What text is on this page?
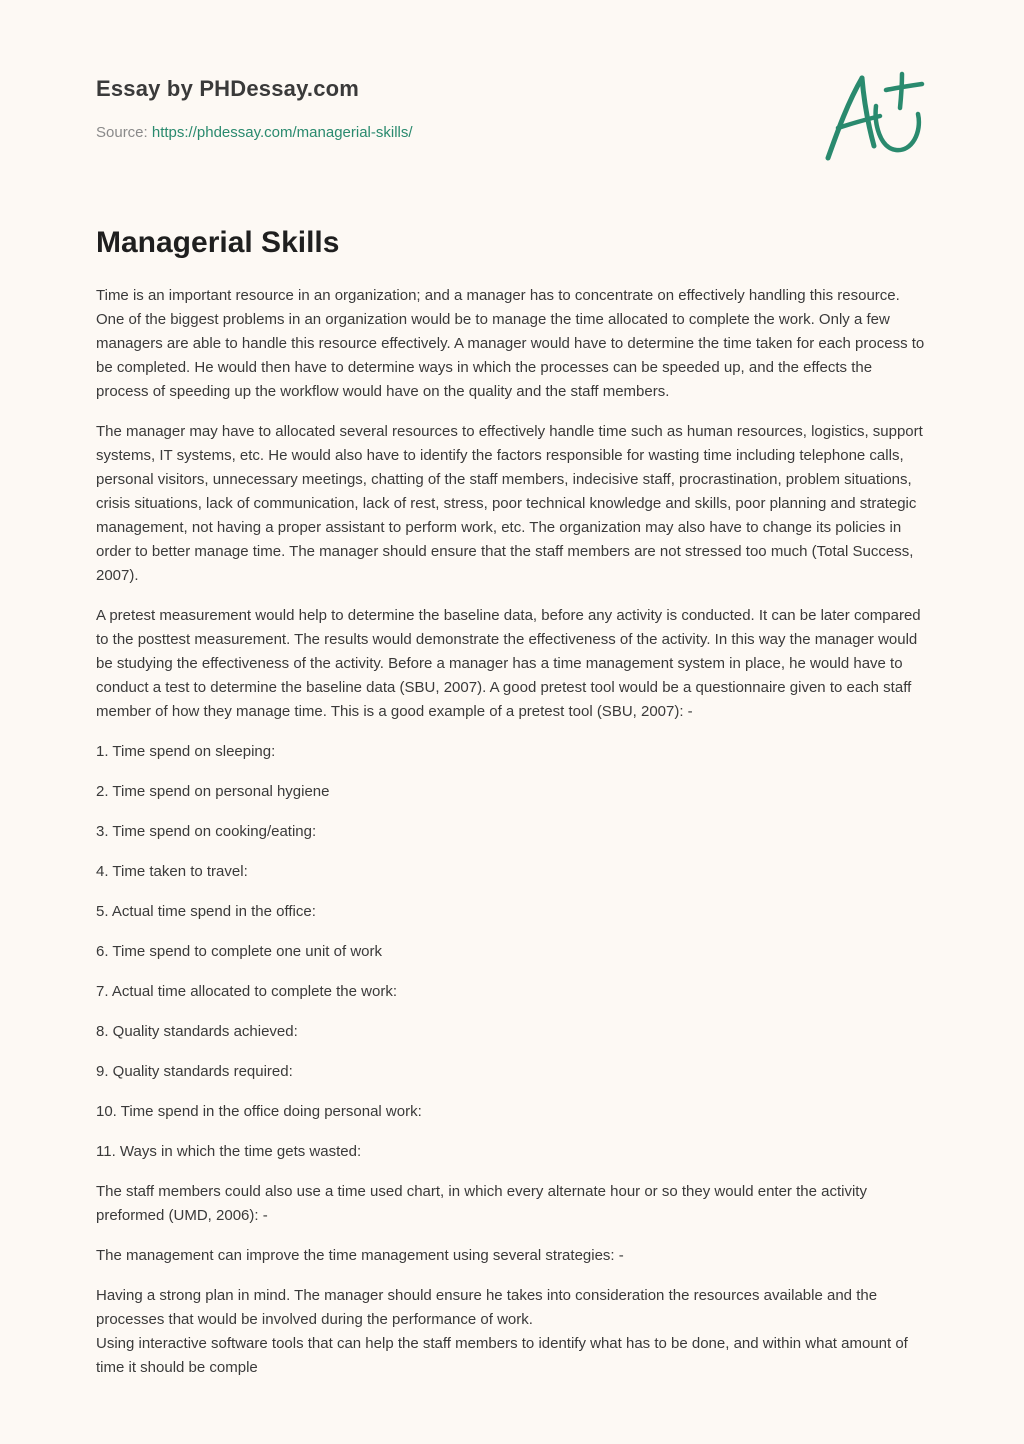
Essay by PHDessay.com
Source: https://phdessay.com/managerial-skills/
Managerial Skills

Time is an important resource in an organization; and a manager has to concentrate on effectively handling this resource. One of the biggest problems in an organization would be to manage the time allocated to complete the work. Only a few managers are able to handle this resource effectively. A manager would have to determine the time taken for each process to be completed. He would then have to determine ways in which the processes can be speeded up, and the effects the process of speeding up the workflow would have on the quality and the staff members.

The manager may have to allocated several resources to effectively handle time such as human resources, logistics, support systems, IT systems, etc. He would also have to identify the factors responsible for wasting time including telephone calls, personal visitors, unnecessary meetings, chatting of the staff members, indecisive staff, procrastination, problem situations, crisis situations, lack of communication, lack of rest, stress, poor technical knowledge and skills, poor planning and strategic management, not having a proper assistant to perform work, etc. The organization may also have to change its policies in order to better manage time. The manager should ensure that the staff members are not stressed too much (Total Success, 2007).

A pretest measurement would help to determine the baseline data, before any activity is conducted. It can be later compared to the posttest measurement. The results would demonstrate the effectiveness of the activity. In this way the manager would be studying the effectiveness of the activity. Before a manager has a time management system in place, he would have to conduct a test to determine the baseline data (SBU, 2007). A good pretest tool would be a questionnaire given to each staff member of how they manage time. This is a good example of a pretest tool (SBU, 2007): -

1. Time spend on sleeping:

2. Time spend on personal hygiene

3. Time spend on cooking/eating:

4. Time taken to travel:

5. Actual time spend in the office:

6. Time spend to complete one unit of work

7. Actual time allocated to complete the work:

8. Quality standards achieved:

9. Quality standards required:

10. Time spend in the office doing personal work:

11. Ways in which the time gets wasted:

The staff members could also use a time used chart, in which every alternate hour or so they would enter the activity preformed (UMD, 2006): -

The management can improve the time management using several strategies: -

Having a strong plan in mind. The manager should ensure he takes into consideration the resources available and the processes that would be involved during the performance of work.

Using interactive software tools that can help the staff members to identify what has to be done, and within what amount of time it should be comple
